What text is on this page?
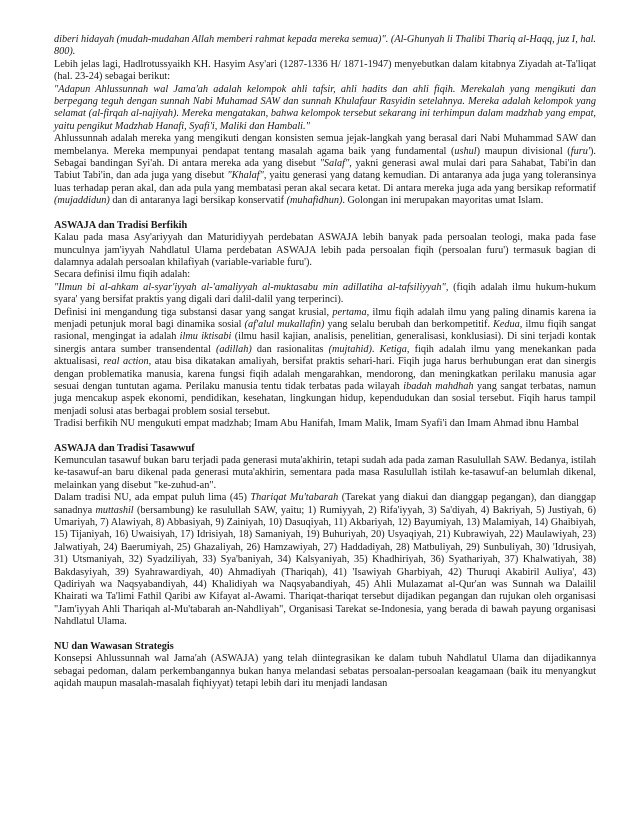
diberi hidayah (mudah-mudahan Allah memberi rahmat kepada mereka semua)". (Al-Ghunyah li Thalibi Thariq al-Haqq, juz I, hal. 800).

Lebih jelas lagi, Hadlrotussyaikh KH. Hasyim Asy'ari (1287-1336 H/ 1871-1947) menyebutkan dalam kitabnya Ziyadah at-Ta'liqat (hal. 23-24) sebagai berikut:

"Adapun Ahlussunnah wal Jama'ah adalah kelompok ahli tafsir, ahli hadits dan ahli fiqih. Merekalah yang mengikuti dan berpegang teguh dengan sunnah Nabi Muhamad SAW dan sunnah Khulafaur Rasyidin setelahnya. Mereka adalah kelompok yang selamat (al-firqah al-najiyah). Mereka mengatakan, bahwa kelompok tersebut sekarang ini terhimpun dalam madzhab yang empat, yaitu pengikut Madzhab Hanafi, Syafi'i, Maliki dan Hambali."

Ahlussunnah adalah mereka yang mengikuti dengan konsisten semua jejak-langkah yang berasal dari Nabi Muhammad SAW dan membelanya. Mereka mempunyai pendapat tentang masalah agama baik yang fundamental (ushul) maupun divisional (furu'). Sebagai bandingan Syi'ah. Di antara mereka ada yang disebut "Salaf", yakni generasi awal mulai dari para Sahabat, Tabi'in dan Tabiut Tabi'in, dan ada juga yang disebut "Khalaf", yaitu generasi yang datang kemudian. Di antaranya ada juga yang toleransinya luas terhadap peran akal, dan ada pula yang membatasi peran akal secara ketat. Di antara mereka juga ada yang bersikap reformatif (mujaddidun) dan di antaranya lagi bersikap konservatif (muhafidhun). Golongan ini merupakan mayoritas umat Islam.

ASWAJA dan Tradisi Berfikih

Kalau pada masa Asy'ariyyah dan Maturidiyyah perdebatan ASWAJA lebih banyak pada persoalan teologi, maka pada fase munculnya jam'iyyah Nahdlatul Ulama perdebatan ASWAJA lebih pada persoalan fiqih (persoalan furu') termasuk bagian di dalamnya adalah persoalan khilafiyah (variable-variable furu').

Secara definisi ilmu fiqih adalah:

"Ilmun bi al-ahkam al-syar'iyyah al-'amaliyyah al-muktasabu min adillatiha al-tafsiliyyah", (fiqih adalah ilmu hukum-hukum syara' yang bersifat praktis yang digali dari dalil-dalil yang terperinci).

Definisi ini mengandung tiga substansi dasar yang sangat krusial, pertama, ilmu fiqih adalah ilmu yang paling dinamis karena ia menjadi petunjuk moral bagi dinamika sosial (af'alul mukallafin) yang selalu berubah dan berkompetitif. Kedua, ilmu fiqih sangat rasional, mengingat ia adalah ilmu iktisabi (ilmu hasil kajian, analisis, penelitian, generalisasi, konklusiasi). Di sini terjadi kontak sinergis antara sumber transendental (adillah) dan rasionalitas (mujtahid). Ketiga, fiqih adalah ilmu yang menekankan pada aktualisasi, real action, atau bisa dikatakan amaliyah, bersifat praktis sehari-hari. Fiqih juga harus berhubungan erat dan sinergis dengan problematika manusia, karena fungsi fiqih adalah mengarahkan, mendorong, dan meningkatkan perilaku manusia agar sesuai dengan tuntutan agama. Perilaku manusia tentu tidak terbatas pada wilayah ibadah mahdhah yang sangat terbatas, namun juga mencakup aspek ekonomi, pendidikan, kesehatan, lingkungan hidup, kependudukan dan sosial tersebut. Fiqih harus tampil menjadi solusi atas berbagai problem sosial tersebut.

Tradisi berfikih NU mengukuti empat madzhab; Imam Abu Hanifah, Imam Malik, Imam Syafi'i dan Imam Ahmad ibnu Hambal

ASWAJA dan Tradisi Tasawwuf

Kemunculan tasawuf bukan baru terjadi pada generasi muta'akhirin, tetapi sudah ada pada zaman Rasulullah SAW. Bedanya, istilah ke-tasawuf-an baru dikenal pada generasi muta'akhirin, sementara pada masa Rasulullah istilah ke-tasawuf-an belumlah dikenal, melainkan yang disebut "ke-zuhud-an".

Dalam tradisi NU, ada empat puluh lima (45) Thariqat Mu'tabarah (Tarekat yang diakui dan dianggap pegangan), dan dianggap sanadnya muttashil (bersambung) ke rasulullah SAW, yaitu; 1) Rumiyyah, 2) Rifa'iyyah, 3) Sa'diyah, 4) Bakriyah, 5) Justiyah, 6) Umariyah, 7) Alawiyah, 8) Abbasiyah, 9) Zainiyah, 10) Dasuqiyah, 11) Akbariyah, 12) Bayumiyah, 13) Malamiyah, 14) Ghaibiyah, 15) Tijaniyah, 16) Uwaisiyah, 17) Idrisiyah, 18) Samaniyah, 19) Buhuriyah, 20) Usyaqiyah, 21) Kubrawiyah, 22) Maulawiyah, 23) Jalwatiyah, 24) Baerumiyah, 25) Ghazaliyah, 26) Hamzawiyah, 27) Haddadiyah, 28) Matbuliyah, 29) Sunbuliyah, 30) 'Idrusiyah, 31) Utsmaniyah, 32) Syadziliyah, 33) Sya'baniyah, 34) Kalsyaniyah, 35) Khadhiriyah, 36) Syathariyah, 37) Khalwatiyah, 38) Bakdasyiyah, 39) Syahrawardiyah, 40) Ahmadiyah (Thariqah), 41) 'Isawiyah Gharbiyah, 42) Thuruqi Akabiril Auliya', 43) Qadiriyah wa Naqsyabandiyah, 44) Khalidiyah wa Naqsyabandiyah, 45) Ahli Mulazamat al-Qur'an was Sunnah wa Dalailil Khairati wa Ta'limi Fathil Qaribi aw Kifayat al-Awami. Thariqat-thariqat tersebut dijadikan pegangan dan rujukan oleh organisasi "Jam'iyyah Ahli Thariqah al-Mu'tabarah an-Nahdliyah", Organisasi Tarekat se-Indonesia, yang berada di bawah payung organisasi Nahdlatul Ulama.

NU dan Wawasan Strategis

Konsepsi Ahlussunnah wal Jama'ah (ASWAJA) yang telah diintegrasikan ke dalam tubuh Nahdlatul Ulama dan dijadikannya sebagai pedoman, dalam perkembangannya bukan hanya melandasi sebatas persoalan-persoalan keagamaan (baik itu menyangkut aqidah maupun masalah-masalah fiqhiyyat) tetapi lebih dari itu menjadi landasan
